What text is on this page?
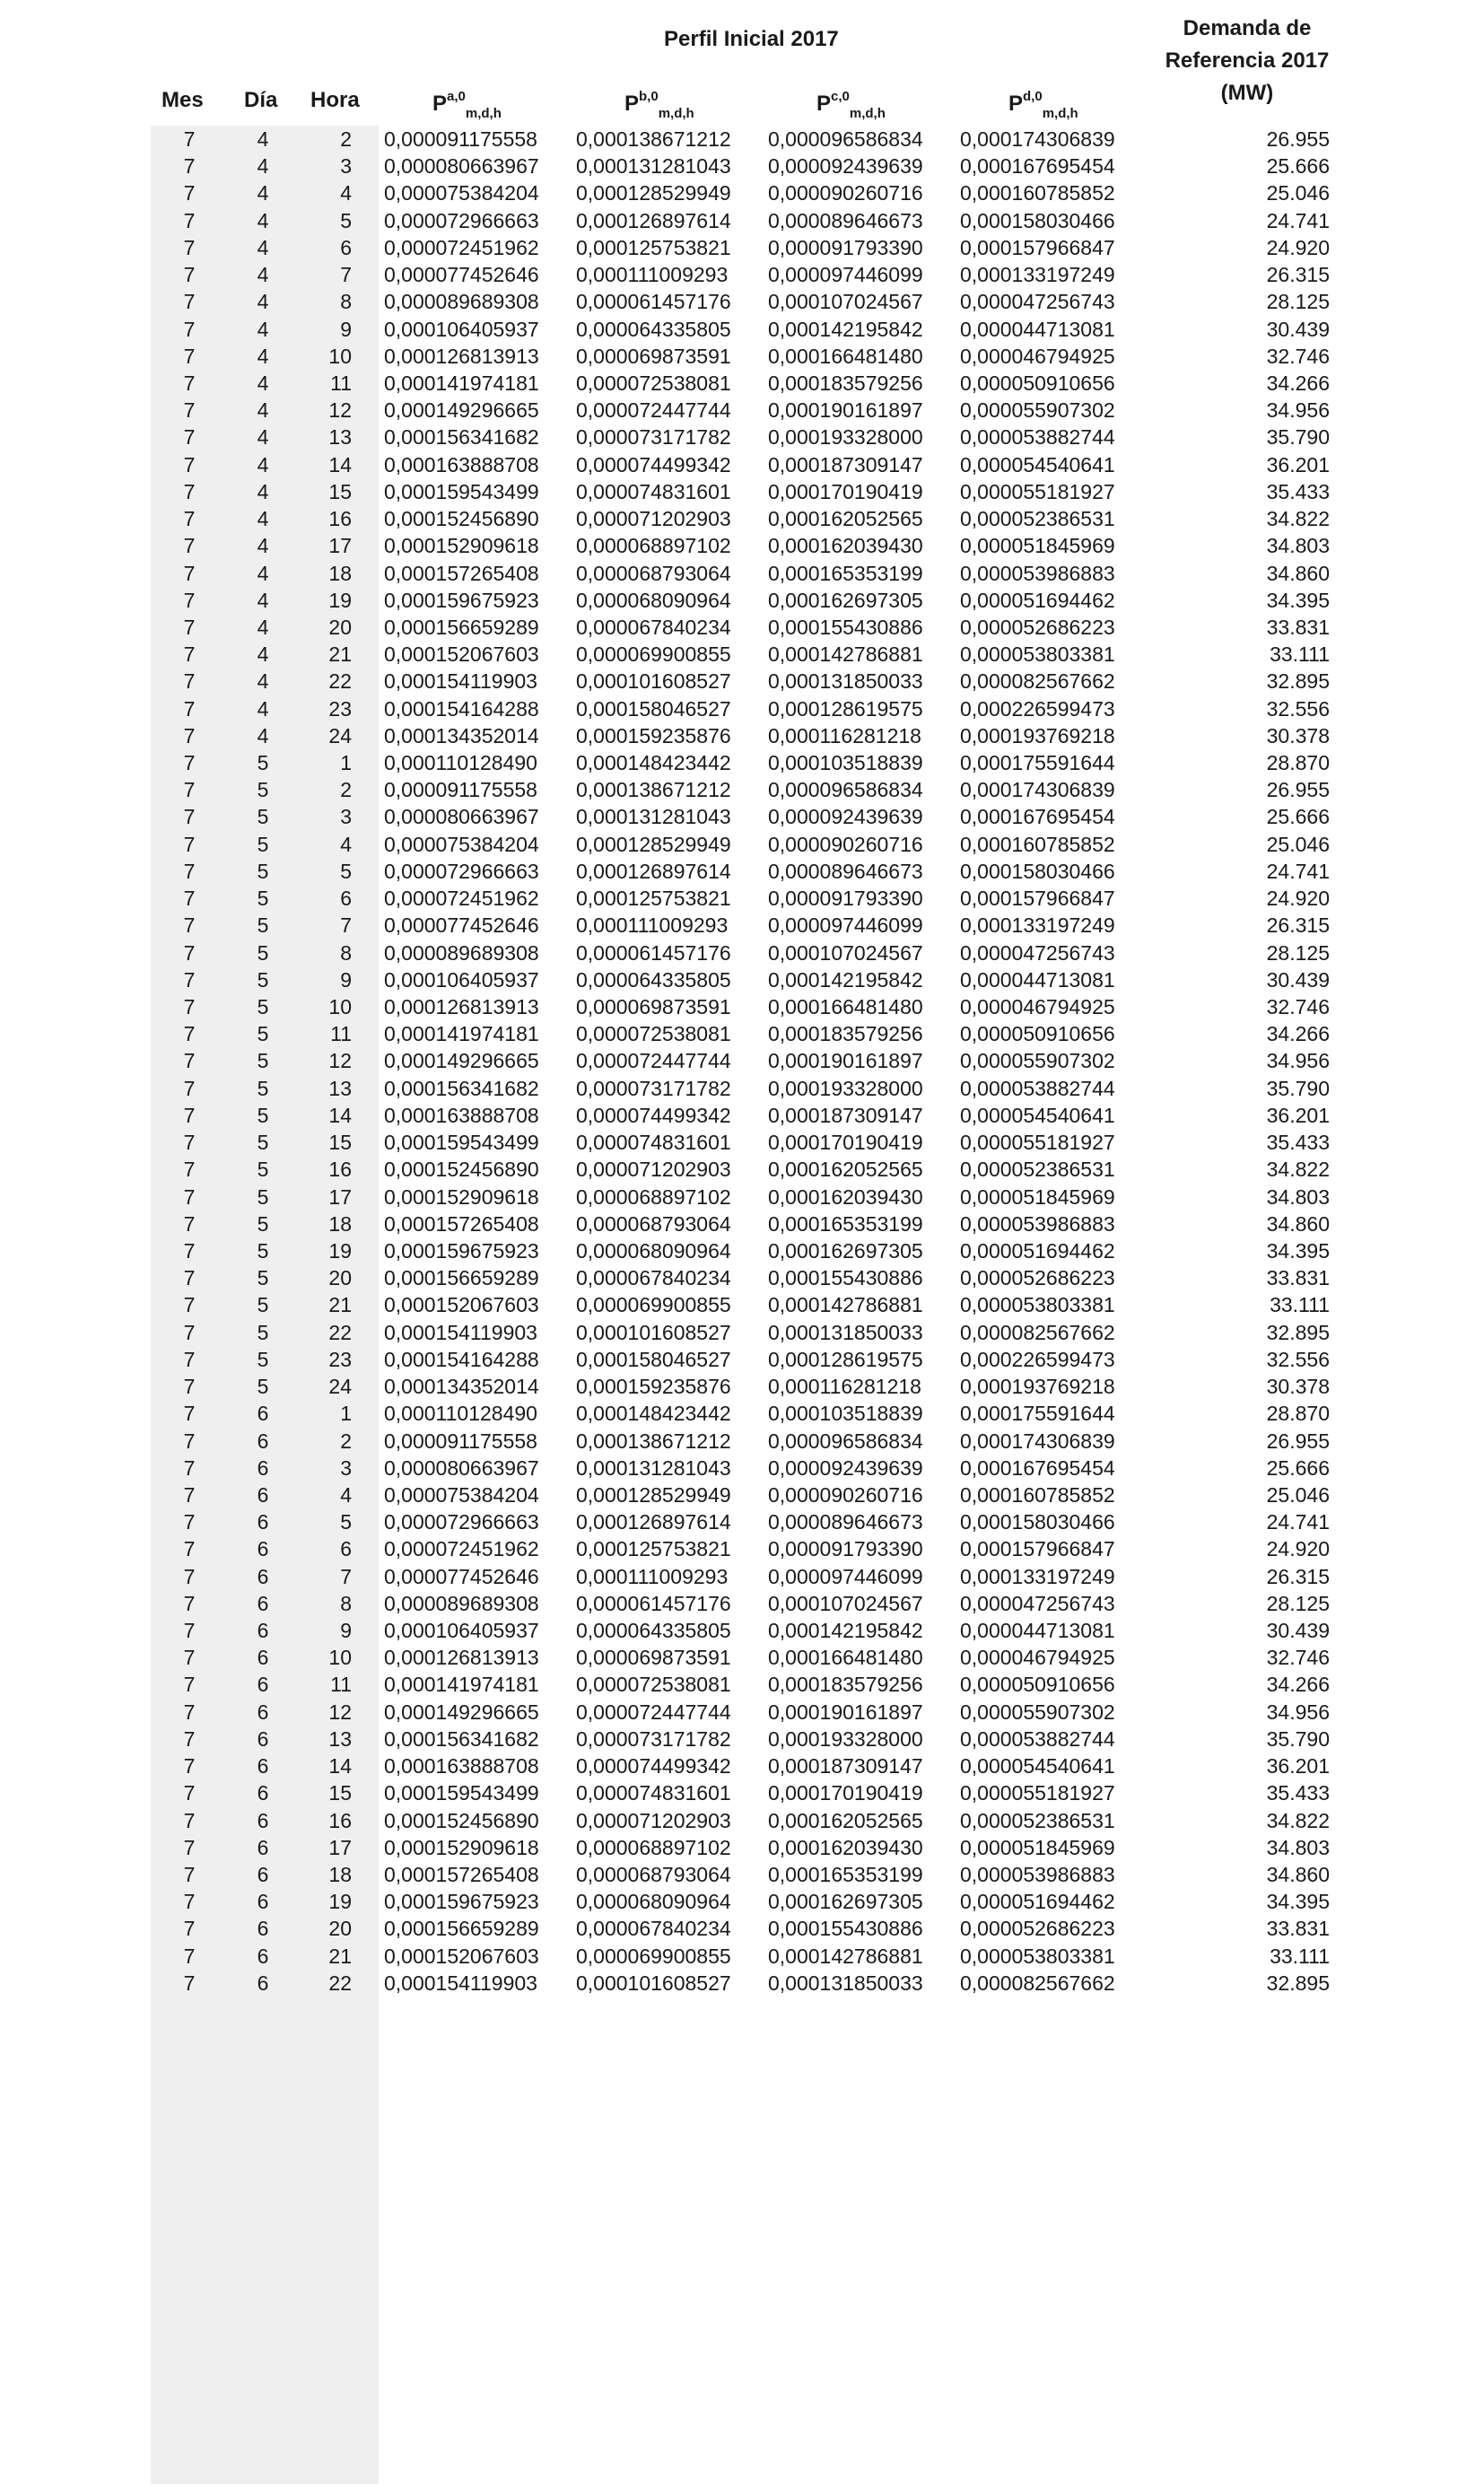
Perfil Inicial 2017	Demanda de
Referencia 2017
(MW)
Mes Día Hora	P$^{a,0}_{m,d,h}$	P$^{b,0}_{m,d,h}$	P$^{c,0}_{m,d,h}$	P$^{d,0}_{m,d,h}$
7	4	2 0,000091175558 0,000138671212 0,000096586834 0,000174306839	26.955
7	4	3 0,000080663967 0,000131281043 0,000092439639 0,000167695454	25.666
7	4	4 0,000075384204 0,000128529949 0,000090260716 0,000160785852	25.046
7	4	5 0,000072966663 0,000126897614 0,000089646673 0,000158030466	24.741
7	4	6 0,000072451962 0,000125753821 0,000091793390 0,000157966847	24.920
7	4	7 0,000077452646 0,000111009293 0,000097446099 0,000133197249	26.315
7	4	8 0,000089689308 0,000061457176 0,000107024567 0,000047256743	28.125
7	4	9 0,000106405937 0,000064335805 0,000142195842 0,000044713081	30.439
7	4	10 0,000126813913 0,000069873591 0,000166481480 0,000046794925	32.746
7	4	11 0,000141974181 0,000072538081 0,000183579256 0,000050910656	34.266
7	4	12 0,000149296665 0,000072447744 0,000190161897 0,000055907302	34.956
7	4	13 0,000156341682 0,000073171782 0,000193328000 0,000053882744	35.790
7	4	14 0,000163888708 0,000074499342 0,000187309147 0,000054540641	36.201
7	4	15 0,000159543499 0,000074831601 0,000170190419 0,000055181927	35.433
7	4	16 0,000152456890 0,000071202903 0,000162052565 0,000052386531	34.822
7	4	17 0,000152909618 0,000068897102 0,000162039430 0,000051845969	34.803
7	4	18 0,000157265408 0,000068793064 0,000165353199 0,000053986883	34.860
7	4	19 0,000159675923 0,000068090964 0,000162697305 0,000051694462	34.395
7	4	20 0,000156659289 0,000067840234 0,000155430886 0,000052686223	33.831
7	4	21 0,000152067603 0,000069900855 0,000142786881 0,000053803381	33.111
7	4	22 0,000154119903 0,000101608527 0,000131850033 0,000082567662	32.895
7	4	23 0,000154164288 0,000158046527 0,000128619575 0,000226599473	32.556
7	4	24 0,000134352014 0,000159235876 0,000116281218 0,000193769218	30.378
7	5	1 0,000110128490 0,000148423442 0,000103518839 0,000175591644	28.870
7	5	2 0,000091175558 0,000138671212 0,000096586834 0,000174306839	26.955
7	5	3 0,000080663967 0,000131281043 0,000092439639 0,000167695454	25.666
7	5	4 0,000075384204 0,000128529949 0,000090260716 0,000160785852	25.046
7	5	5 0,000072966663 0,000126897614 0,000089646673 0,000158030466	24.741
7	5	6 0,000072451962 0,000125753821 0,000091793390 0,000157966847	24.920
7	5	7 0,000077452646 0,000111009293 0,000097446099 0,000133197249	26.315
7	5	8 0,000089689308 0,000061457176 0,000107024567 0,000047256743	28.125
7	5	9 0,000106405937 0,000064335805 0,000142195842 0,000044713081	30.439
7	5	10 0,000126813913 0,000069873591 0,000166481480 0,000046794925	32.746
7	5	11 0,000141974181 0,000072538081 0,000183579256 0,000050910656	34.266
7	5	12 0,000149296665 0,000072447744 0,000190161897 0,000055907302	34.956
7	5	13 0,000156341682 0,000073171782 0,000193328000 0,000053882744	35.790
7	5	14 0,000163888708 0,000074499342 0,000187309147 0,000054540641	36.201
7	5	15 0,000159543499 0,000074831601 0,000170190419 0,000055181927	35.433
7	5	16 0,000152456890 0,000071202903 0,000162052565 0,000052386531	34.822
7	5	17 0,000152909618 0,000068897102 0,000162039430 0,000051845969	34.803
7	5	18 0,000157265408 0,000068793064 0,000165353199 0,000053986883	34.860
7	5	19 0,000159675923 0,000068090964 0,000162697305 0,000051694462	34.395
7	5	20 0,000156659289 0,000067840234 0,000155430886 0,000052686223	33.831
7	5	21 0,000152067603 0,000069900855 0,000142786881 0,000053803381	33.111
7	5	22 0,000154119903 0,000101608527 0,000131850033 0,000082567662	32.895
7	5	23 0,000154164288 0,000158046527 0,000128619575 0,000226599473	32.556
7	5	24 0,000134352014 0,000159235876 0,000116281218 0,000193769218	30.378
7	6	1 0,000110128490 0,000148423442 0,000103518839 0,000175591644	28.870
7	6	2 0,000091175558 0,000138671212 0,000096586834 0,000174306839	26.955
7	6	3 0,000080663967 0,000131281043 0,000092439639 0,000167695454	25.666
7	6	4 0,000075384204 0,000128529949 0,000090260716 0,000160785852	25.046
7	6	5 0,000072966663 0,000126897614 0,000089646673 0,000158030466	24.741
7	6	6 0,000072451962 0,000125753821 0,000091793390 0,000157966847	24.920
7	6	7 0,000077452646 0,000111009293 0,000097446099 0,000133197249	26.315
7	6	8 0,000089689308 0,000061457176 0,000107024567 0,000047256743	28.125
7	6	9 0,000106405937 0,000064335805 0,000142195842 0,000044713081	30.439
7	6	10 0,000126813913 0,000069873591 0,000166481480 0,000046794925	32.746
7	6	11 0,000141974181 0,000072538081 0,000183579256 0,000050910656	34.266
7	6	12 0,000149296665 0,000072447744 0,000190161897 0,000055907302	34.956
7	6	13 0,000156341682 0,000073171782 0,000193328000 0,000053882744	35.790
7	6	14 0,000163888708 0,000074499342 0,000187309147 0,000054540641	36.201
7	6	15 0,000159543499 0,000074831601 0,000170190419 0,000055181927	35.433
7	6	16 0,000152456890 0,000071202903 0,000162052565 0,000052386531	34.822
7	6	17 0,000152909618 0,000068897102 0,000162039430 0,000051845969	34.803
7	6	18 0,000157265408 0,000068793064 0,000165353199 0,000053986883	34.860
7	6	19 0,000159675923 0,000068090964 0,000162697305 0,000051694462	34.395
7	6	20 0,000156659289 0,000067840234 0,000155430886 0,000052686223	33.831
7	6	21 0,000152067603 0,000069900855 0,000142786881 0,000053803381	33.111
7	6	22 0,000154119903 0,000101608527 0,000131850033 0,000082567662	32.895
